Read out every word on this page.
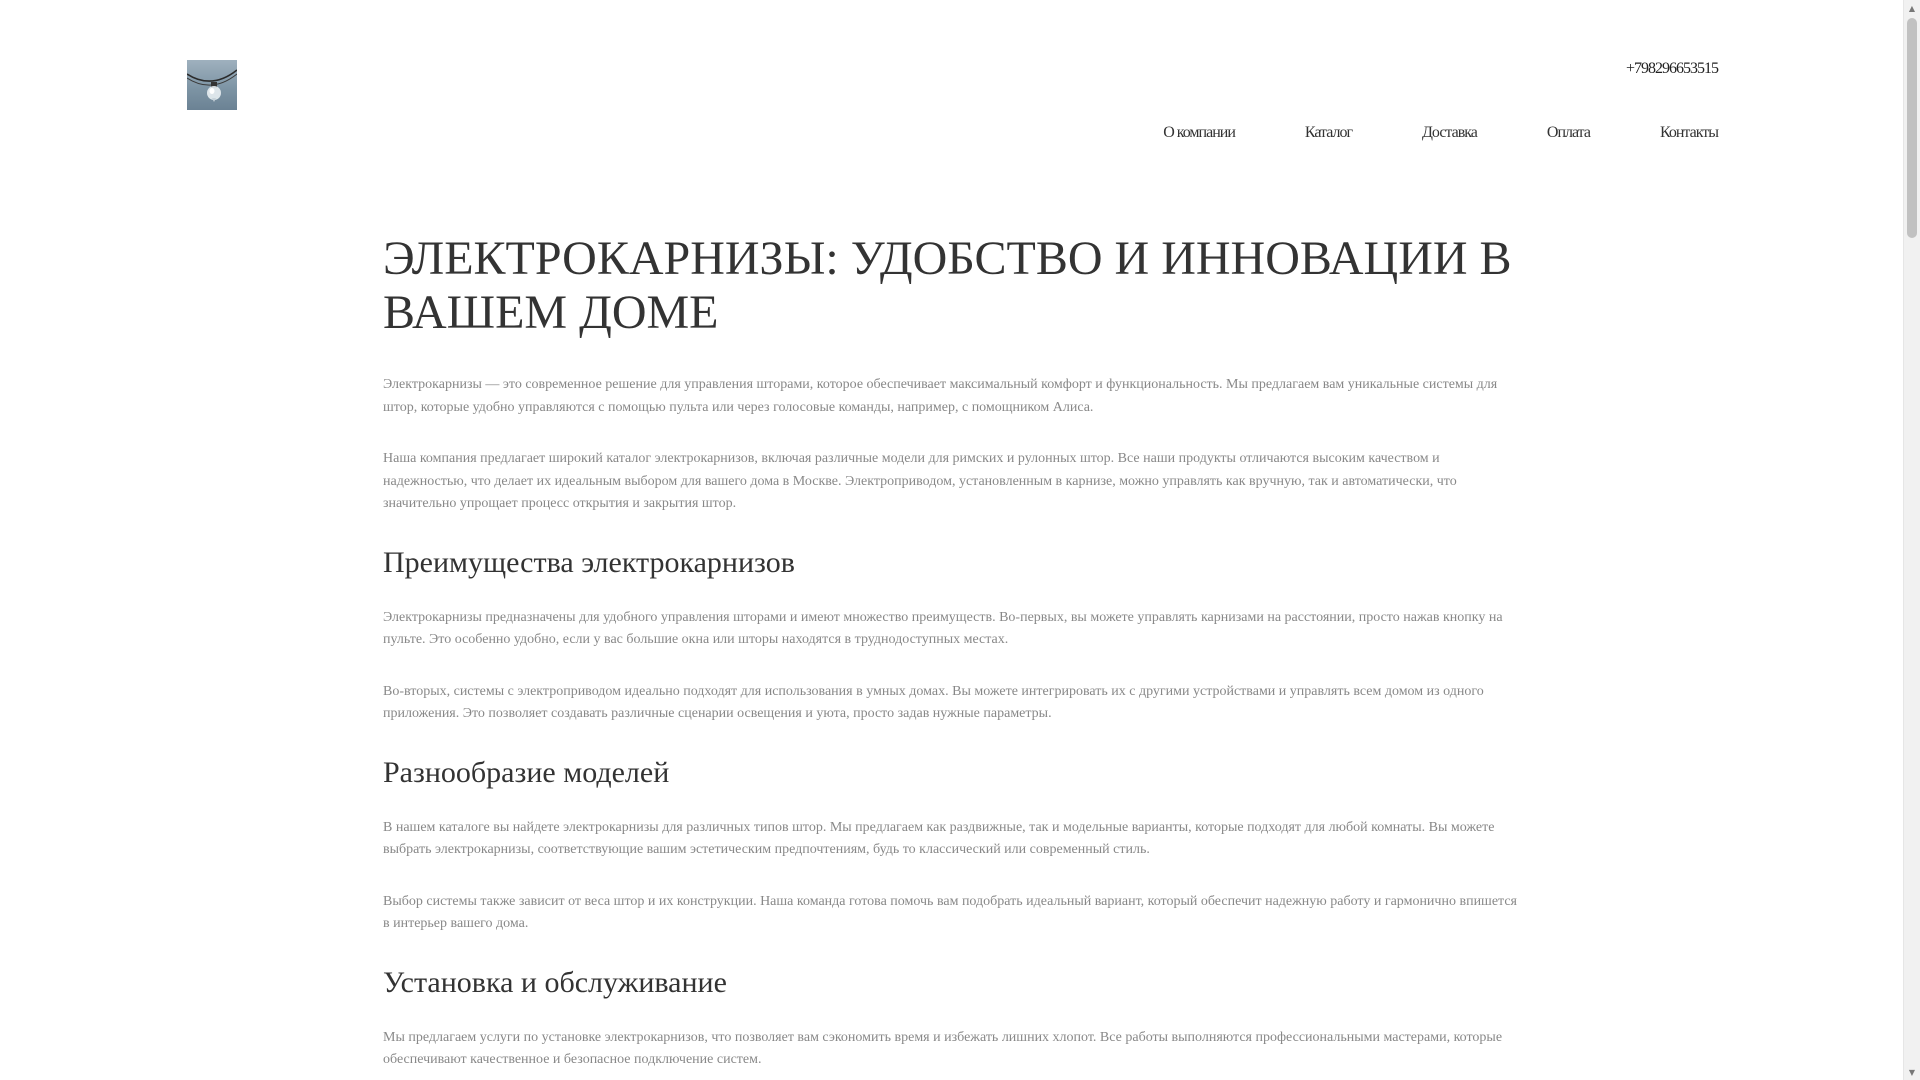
+798296653515
О компании	Каталог	Доставка	Оплата	Контакты
ЭЛЕКТРОКАРНИЗЫ: УДОБСТВО И ИННОВАЦИИ В ВАШЕМ ДОМЕ

Электрокарнизы — это современное решение для управления шторами, которое обеспечивает максимальный комфорт и функциональность. Мы предлагаем вам уникальные системы для штор, которые удобно управляются с помощью пульта или через голосовые команды, например, с помощником Алиса.

Наша компания предлагает широкий каталог электрокарнизов, включая различные модели для римских и рулонных штор. Все наши продукты отличаются высоким качеством и надежностью, что делает их идеальным выбором для вашего дома в Москве. Электроприводом, установленным в карнизе, можно управлять как вручную, так и автоматически, что значительно упрощает процесс открытия и закрытия штор.

Преимущества электрокарнизов

Электрокарнизы предназначены для удобного управления шторами и имеют множество преимуществ. Во-первых, вы можете управлять карнизами на расстоянии, просто нажав кнопку на пульте. Это особенно удобно, если у вас большие окна или шторы находятся в труднодоступных местах.

Во-вторых, системы с электроприводом идеально подходят для использования в умных домах. Вы можете интегрировать их с другими устройствами и управлять всем домом из одного приложения. Это позволяет создавать различные сценарии освещения и уюта, просто задав нужные параметры.

Разнообразие моделей

В нашем каталоге вы найдете электрокарнизы для различных типов штор. Мы предлагаем как раздвижные, так и модельные варианты, которые подходят для любой комнаты. Вы можете выбрать электрокарнизы, соответствующие вашим эстетическим предпочтениям, будь то классический или современный стиль.

Выбор системы также зависит от веса штор и их конструкции. Наша команда готова помочь вам подобрать идеальный вариант, который обеспечит надежную работу и гармонично впишется в интерьер вашего дома.

Установка и обслуживание

Мы предлагаем услуги по установке электрокарнизов, что позволяет вам сэкономить время и избежать лишних хлопот. Все работы выполняются профессиональными мастерами, которые обеспечивают качественное и безопасное подключение систем.

▲
▼
